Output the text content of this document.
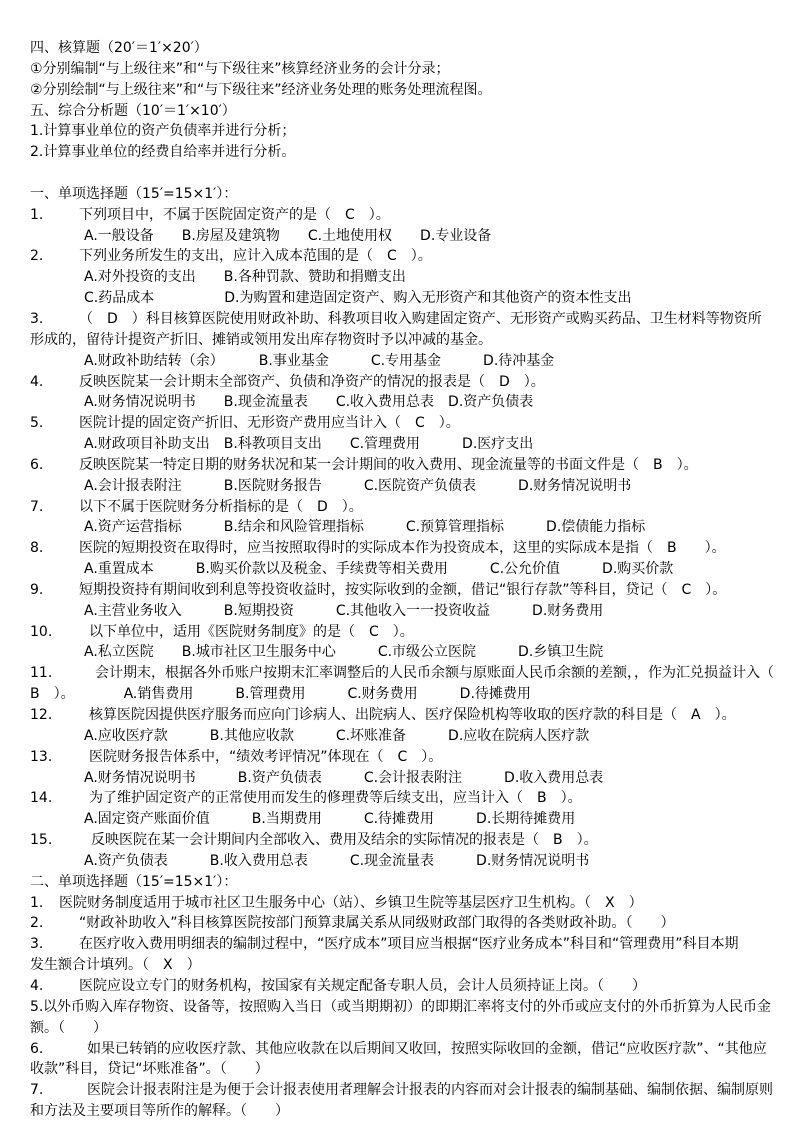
四、核算题（20′＝1′×20′）
①分别编制“与上级往来”和“与下级往来”核算经济业务的会计分录；
②分别绘制“与上级往来”和“与下级往来”经济业务处理的账务处理流程图。
五、综合分析题（10′＝1′×10′）
1.计算事业单位的资产负债率并进行分析；
2.计算事业单位的经费自给率并进行分析。
一、单项选择题（15′=15×1′）：
1.	下列项目中，不属于医院固定资产的是（　C　）。
A.一般设备　　B.房屋及建筑物　　C.土地使用权　　D.专业设备
2.	下列业务所发生的支出，应计入成本范围的是（　C　）。
A.对外投资的支出　　B.各种罚款、赞助和捐赠支出
C.药品成本　　　　　D.为购置和建造固定资产、购入无形资产和其他资产的资本性支出
3.	（　D　）科目核算医院使用财政补助、科教项目收入购建固定资产、无形资产或购买药品、卫生材料等物资所
形成的，留待计提资产折旧、摊销或领用发出库存物资时予以冲减的基金。
A.财政补助结转（余）　　　B.事业基金　　　C.专用基金　　　D.待冲基金
4.	反映医院某一会计期末全部资产、负债和净资产的情况的报表是（　D　）。
A.财务情况说明书　　B.现金流量表　　C.收入费用总表　D.资产负债表
5.	医院计提的固定资产折旧、无形资产费用应当计入（　C　）。
A.财政项目补助支出　B.科教项目支出　　C.管理费用　　　D.医疗支出
6.	反映医院某一特定日期的财务状况和某一会计期间的收入费用、现金流量等的书面文件是（　B　）。
A.会计报表附注　　　B.医院财务报告　　　C.医院资产负债表　　　D.财务情况说明书
7.	以下不属于医院财务分析指标的是（　D　）。
A.资产运营指标　　　B.结余和风险管理指标　　　C.预算管理指标　　　D.偿债能力指标
8.	医院的短期投资在取得时，应当按照取得时的实际成本作为投资成本，这里的实际成本是指（　B　　）。
A.重置成本　　　B.购买价款以及税金、手续费等相关费用　　　C.公允价值　　　D.购买价款
9.	短期投资持有期间收到利息等投资收益时，按实际收到的金额，借记“银行存款”等科目，贷记（　C　）。
A.主营业务收入　　　B.短期投资　　　C.其他收入一一投资收益　　　D.财务费用
10.	以下单位中，适用《医院财务制度》的是（　C　）。
A.私立医院　　B.城市社区卫生服务中心　　　C.市级公立医院　　　D.乡镇卫生院
11.	会计期末，根据各外币账户按期末汇率调整后的人民币余额与原账面人民币余额的差额，，作为汇兑损益计入（
B　）。　　　　A.销售费用　　　B.管理费用　　　C.财务费用　　　D.待摊费用
12.	核算医院因提供医疗服务而应向门诊病人、出院病人、医疗保险机构等收取的医疗款的科目是（　A　）。
A.应收医疗款　　　B.其他应收款　　　C.坏账准备　　　D.应收在院病人医疗款
13.	医院财务报告体系中，“绩效考评情况”体现在（　C　）。
A.财务情况说明书　　　B.资产负债表　　　C.会计报表附注　　　D.收入费用总表
14.	为了维护固定资产的正常使用而发生的修理费等后续支出，应当计入（　B　）。
A.固定资产账面价值　　　B.当期费用　　　C.待摊费用　　　D.长期待摊费用
15.	反映医院在某一会计期间内全部收入、费用及结余的实际情况的报表是（　B　）。
A.资产负债表　　　B.收入费用总表　　　C.现金流量表　　　D.财务情况说明书
二、单项选择题（15′=15×1′）：
1. 医院财务制度适用于城市社区卫生服务中心（站）、乡镇卫生院等基层医疗卫生机构。（　X　）
2.	“财政补助收入”科目核算医院按部门预算隶属关系从同级财政部门取得的各类财政补助。（　　）
3.	在医疗收入费用明细表的编制过程中，“医疗成本”项目应当根据“医疗业务成本”科目和“管理费用”科目本期
发生额合计填列。（　X　）
4.	医院应设立专门的财务机构，按国家有关规定配备专职人员，会计人员须持证上岗。（　　）
5. 以外币购入库存物资、设备等，按照购入当日（或当期期初）的即期汇率将支付的外币或应支付的外币折算为人民币金
额。（　　）
6.	如果已转销的应收医疗款、其他应收款在以后期间又收回，按照实际收回的金额，借记“应收医疗款”、“其他应
收款”科目，贷记“坏账准备”。（　　）
7.	医院会计报表附注是为便于会计报表使用者理解会计报表的内容而对会计报表的编制基础、编制依据、编制原则
和方法及主要项目等所作的解释。（　　）
